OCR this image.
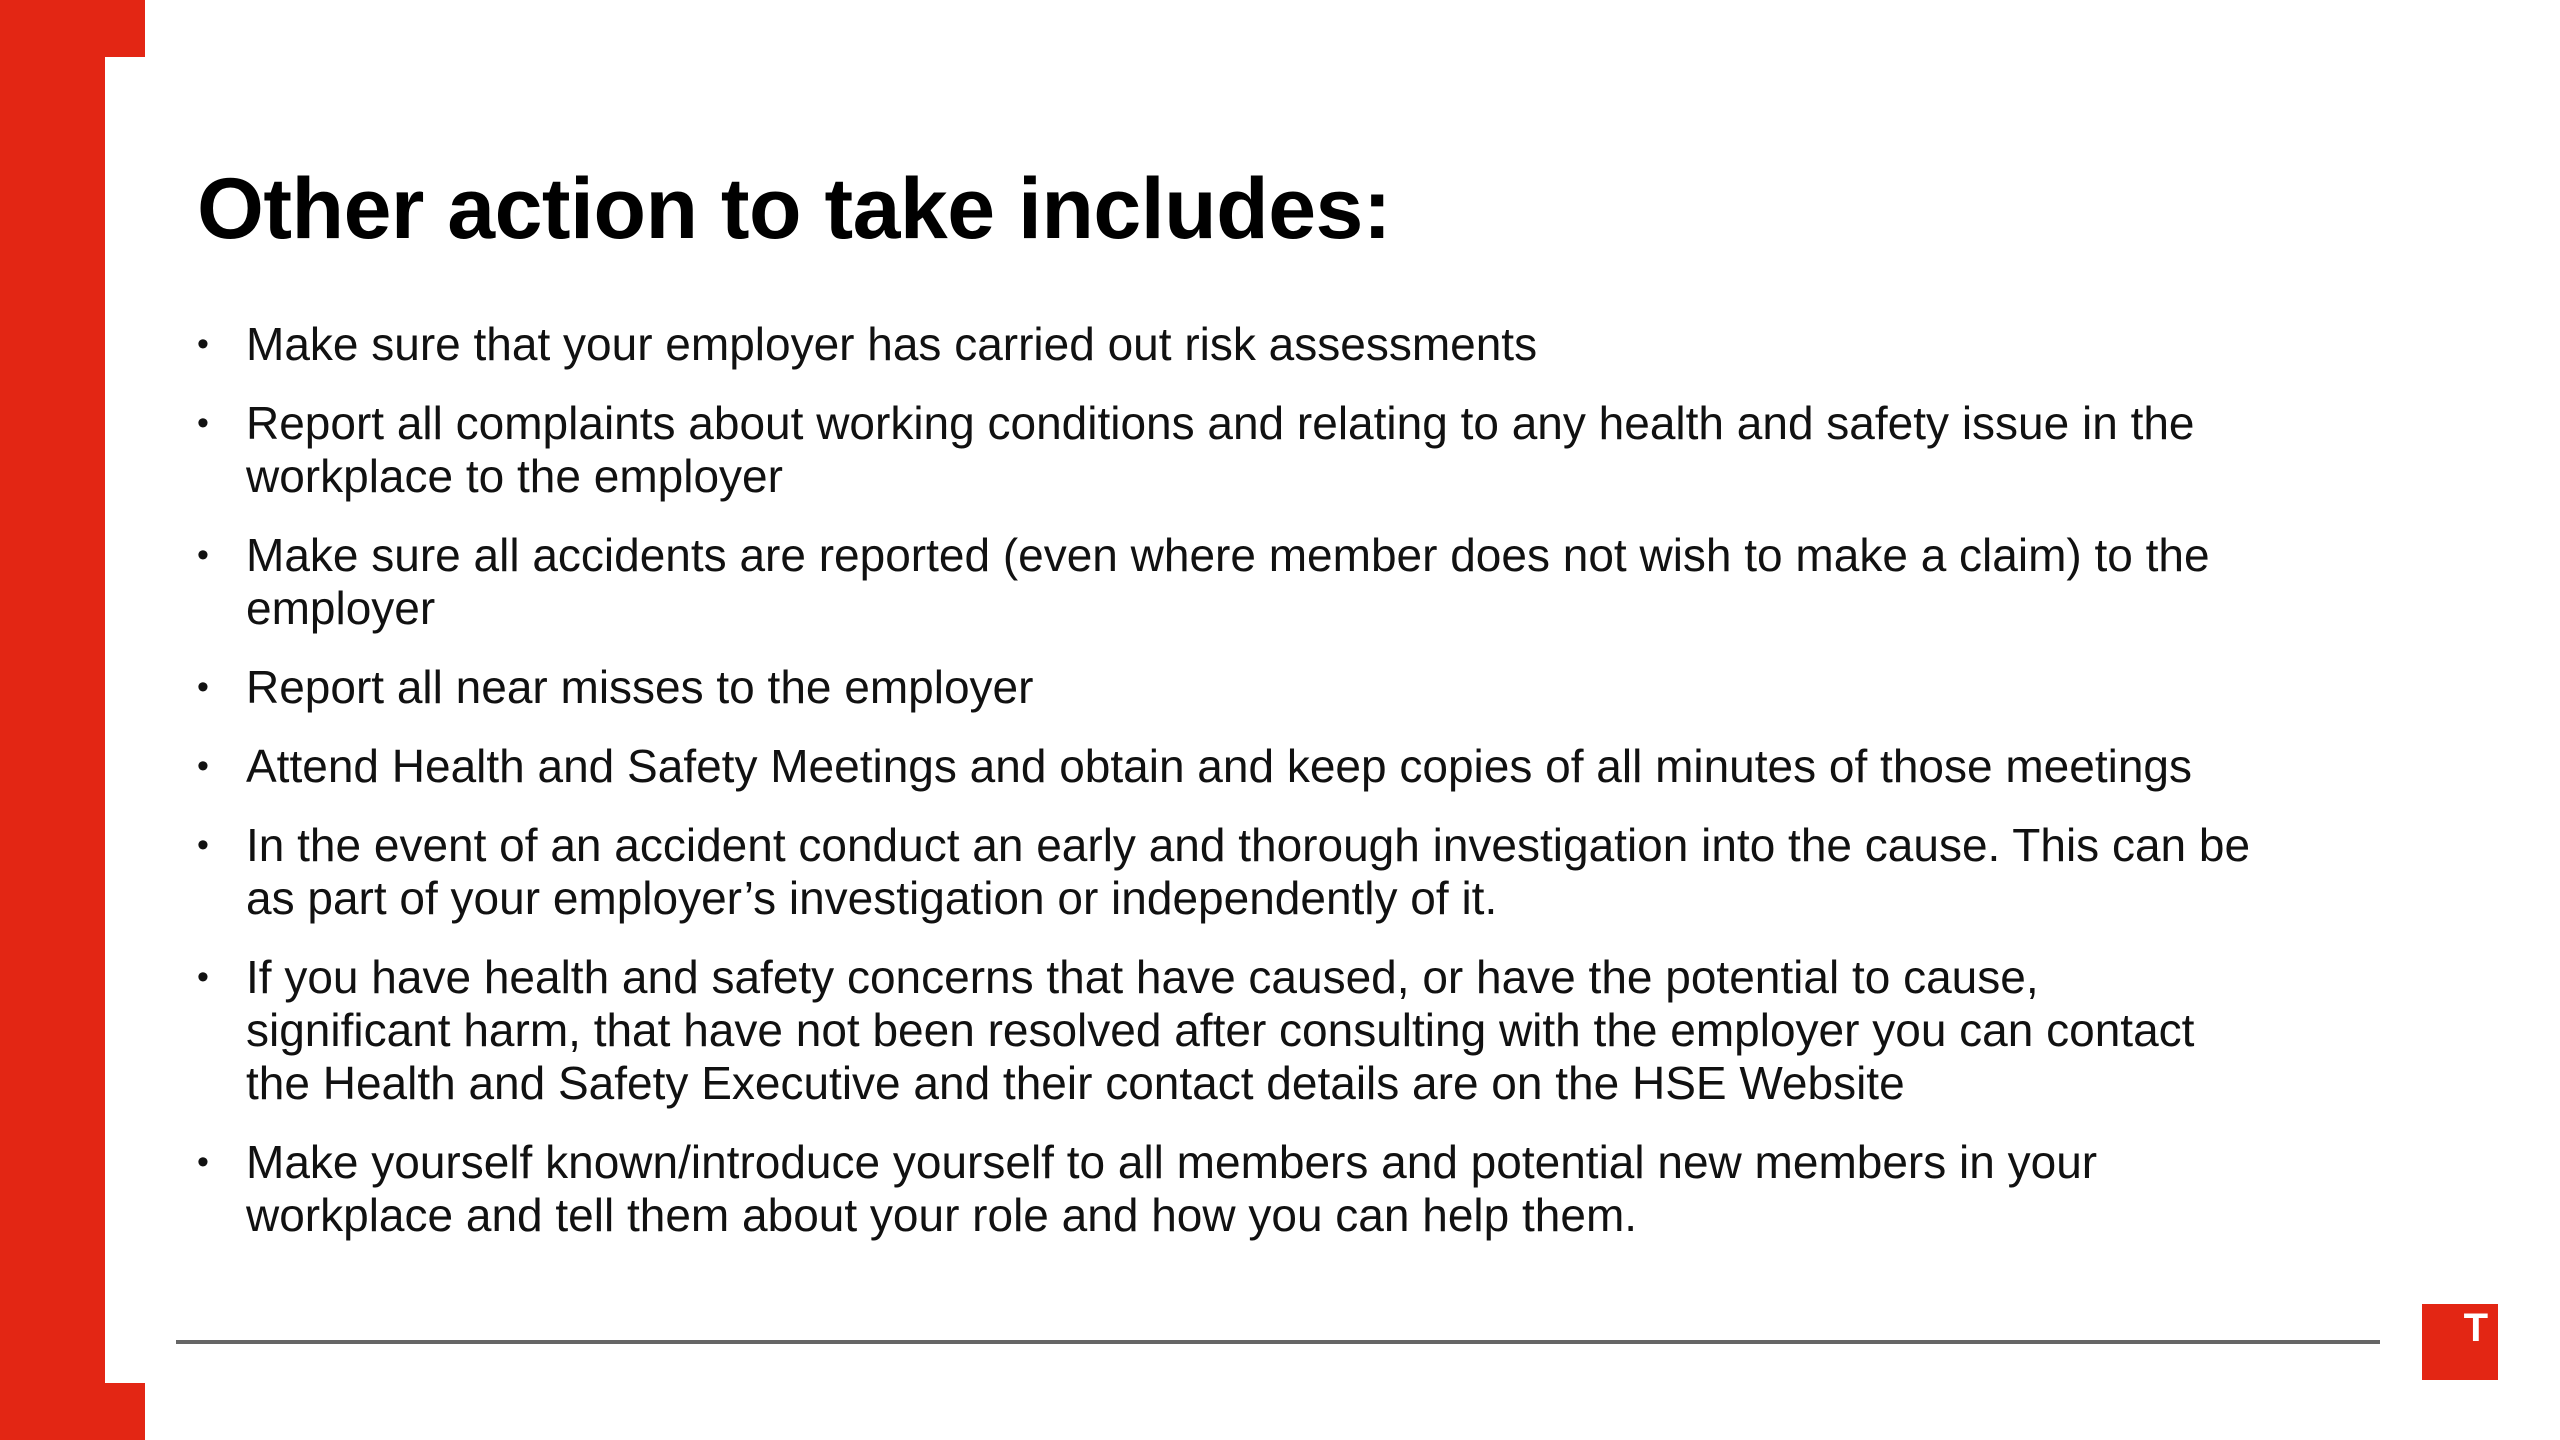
Other action to take includes:
• Make sure that your employer has carried out risk assessments
• Report all complaints about working conditions and relating to any health and safety issue in the
workplace to the employer
• Make sure all accidents are reported (even where member does not wish to make a claim) to the
employer
• Report all near misses to the employer
• Attend Health and Safety Meetings and obtain and keep copies of all minutes of those meetings
• In the event of an accident conduct an early and thorough investigation into the cause. This can be
as part of your employer’s investigation or independently of it.
• If you have health and safety concerns that have caused, or have the potential to cause,
significant harm, that have not been resolved after consulting with the employer you can contact
the Health and Safety Executive and their contact details are on the HSE Website
• Make yourself known/introduce yourself to all members and potential new members in your
workplace and tell them about your role and how you can help them.
T
